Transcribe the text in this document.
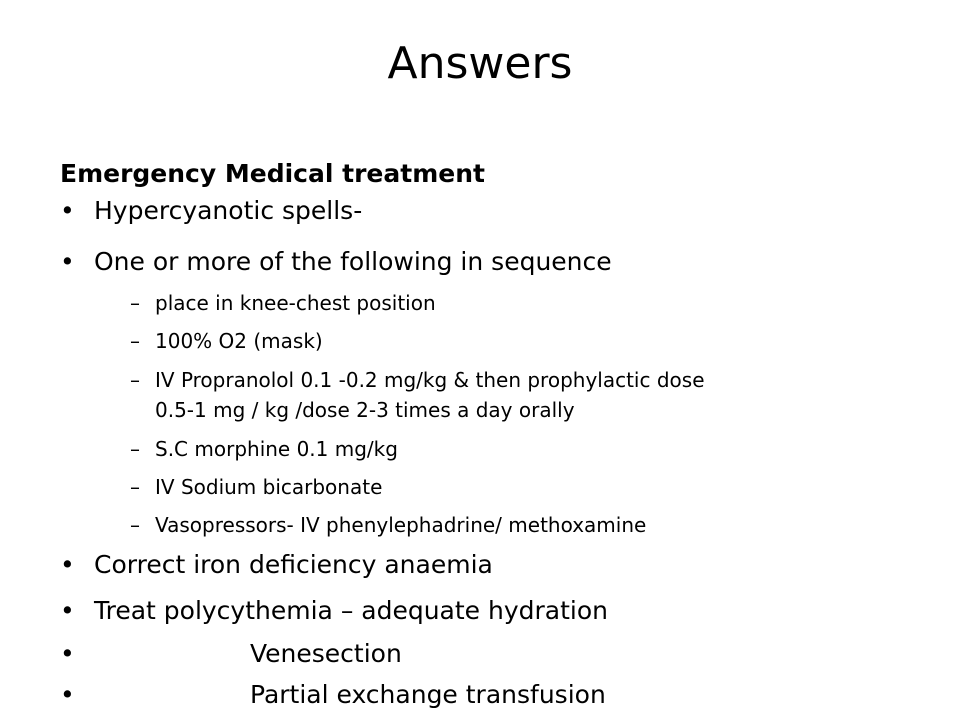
Answers
Emergency Medical treatment
• Hypercyanotic spells-
• One or more of the following in sequence
– place in knee-chest position
– 100% O2 (mask)
– IV Propranolol 0.1 -0.2 mg/kg & then prophylactic dose
0.5-1 mg / kg /dose 2-3 times a day orally
– S.C morphine 0.1 mg/kg
– IV Sodium bicarbonate
– Vasopressors- IV phenylephadrine/ methoxamine
• Correct iron deficiency anaemia
• Treat polycythemia – adequate hydration
•	Venesection
•	Partial exchange transfusion
